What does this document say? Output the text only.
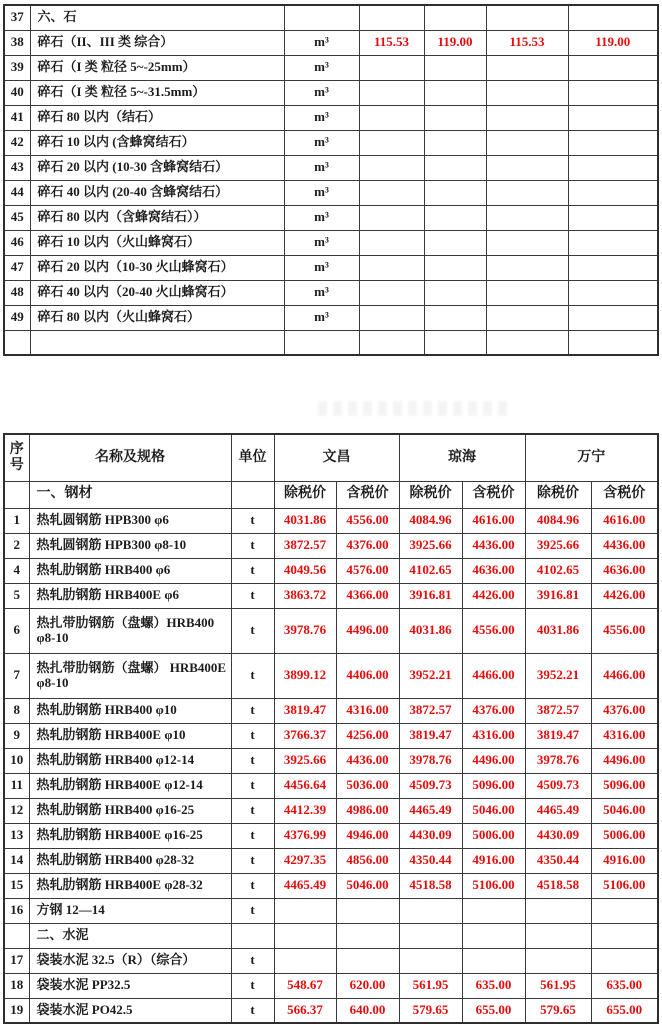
37	六、石					
38	碎石（II、III 类 综合）	m³	115.53	119.00	115.53	119.00
39	碎石（I 类 粒径 5~-25mm）	m³				
40	碎石（I 类 粒径 5~-31.5mm）	m³				
41	碎石 80 以内（结石）	m³				
42	碎石 10 以内 (含蜂窝结石）	m³				
43	碎石 20 以内 (10-30 含蜂窝结石）	m³				
44	碎石 40 以内 (20-40 含蜂窝结石）	m³				
45	碎石 80 以内（含蜂窝结石））	m³				
46	碎石 10 以内（火山蜂窝石）	m³				
47	碎石 20 以内（10-30 火山蜂窝石）	m³				
48	碎石 40 以内（20-40 火山蜂窝石）	m³				
49	碎石 80 以内（火山蜂窝石）	m³				

序号	名称及规格	单位	文昌		琼海		万宁	
	一、钢材		除税价	含税价	除税价	含税价	除税价	含税价
1	热轧圆钢筋 HPB300 φ6	t	4031.86	4556.00	4084.96	4616.00	4084.96	4616.00
2	热轧圆钢筋 HPB300 φ8-10	t	3872.57	4376.00	3925.66	4436.00	3925.66	4436.00
4	热轧肋钢筋 HRB400 φ6	t	4049.56	4576.00	4102.65	4636.00	4102.65	4636.00
5	热轧肋钢筋 HRB400E φ6	t	3863.72	4366.00	3916.81	4426.00	3916.81	4426.00
6	热扎带肋钢筋（盘螺）HRB400 φ8-10	t	3978.76	4496.00	4031.86	4556.00	4031.86	4556.00
7	热扎带肋钢筋（盘螺） HRB400E φ8-10	t	3899.12	4406.00	3952.21	4466.00	3952.21	4466.00
8	热轧肋钢筋 HRB400 φ10	t	3819.47	4316.00	3872.57	4376.00	3872.57	4376.00
9	热轧肋钢筋 HRB400E φ10	t	3766.37	4256.00	3819.47	4316.00	3819.47	4316.00
10	热轧肋钢筋 HRB400 φ12-14	t	3925.66	4436.00	3978.76	4496.00	3978.76	4496.00
11	热轧肋钢筋 HRB400E φ12-14	t	4456.64	5036.00	4509.73	5096.00	4509.73	5096.00
12	热轧肋钢筋 HRB400 φ16-25	t	4412.39	4986.00	4465.49	5046.00	4465.49	5046.00
13	热轧肋钢筋 HRB400E φ16-25	t	4376.99	4946.00	4430.09	5006.00	4430.09	5006.00
14	热轧肋钢筋 HRB400 φ28-32	t	4297.35	4856.00	4350.44	4916.00	4350.44	4916.00
15	热轧肋钢筋 HRB400E φ28-32	t	4465.49	5046.00	4518.58	5106.00	4518.58	5106.00
16	方钢 12—14	t						
	二、水泥							
17	袋装水泥 32.5（R）（综合）	t						
18	袋装水泥 PP32.5	t	548.67	620.00	561.95	635.00	561.95	635.00
19	袋装水泥 PO42.5	t	566.37	640.00	579.65	655.00	579.65	655.00
